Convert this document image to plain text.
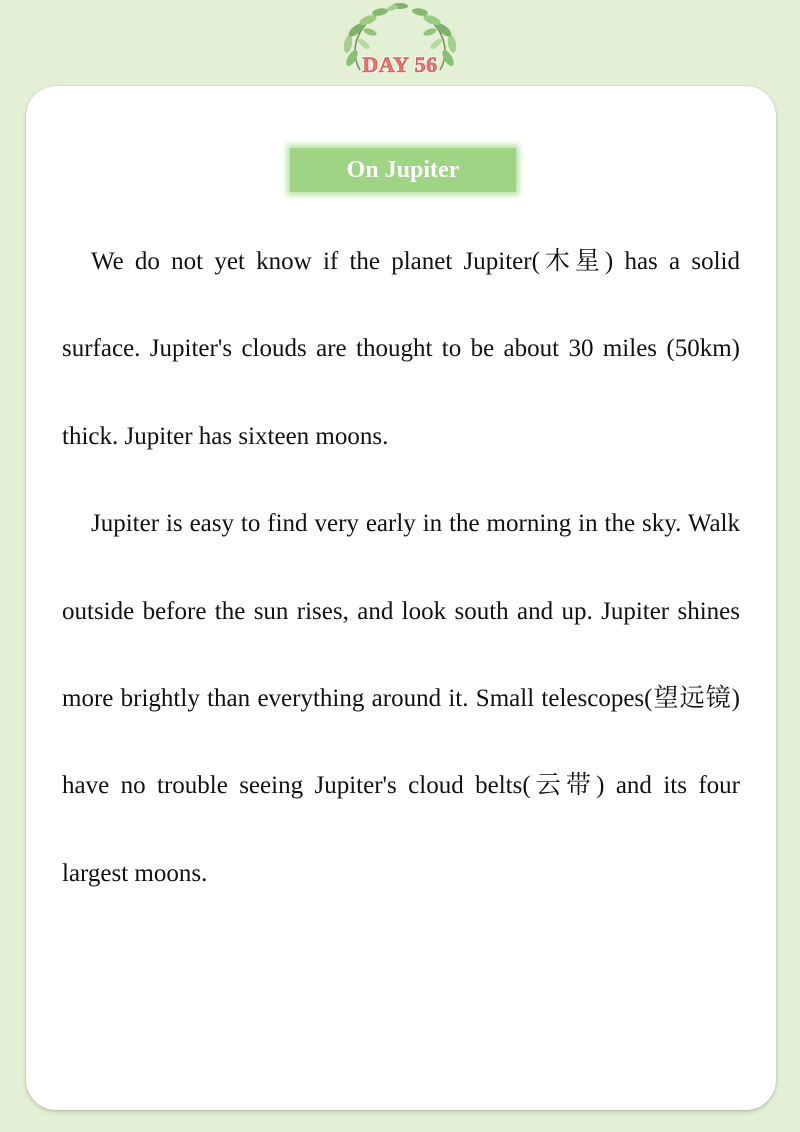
DAY 56
On Jupiter

We do not yet know if the planet Jupiter(木星) has a solid surface. Jupiter's clouds are thought to be about 30 miles (50km) thick. Jupiter has sixteen moons.

Jupiter is easy to find very early in the morning in the sky. Walk outside before the sun rises, and look south and up. Jupiter shines more brightly than everything around it. Small telescopes(望远镜) have no trouble seeing Jupiter's cloud belts(云带) and its four largest moons.
